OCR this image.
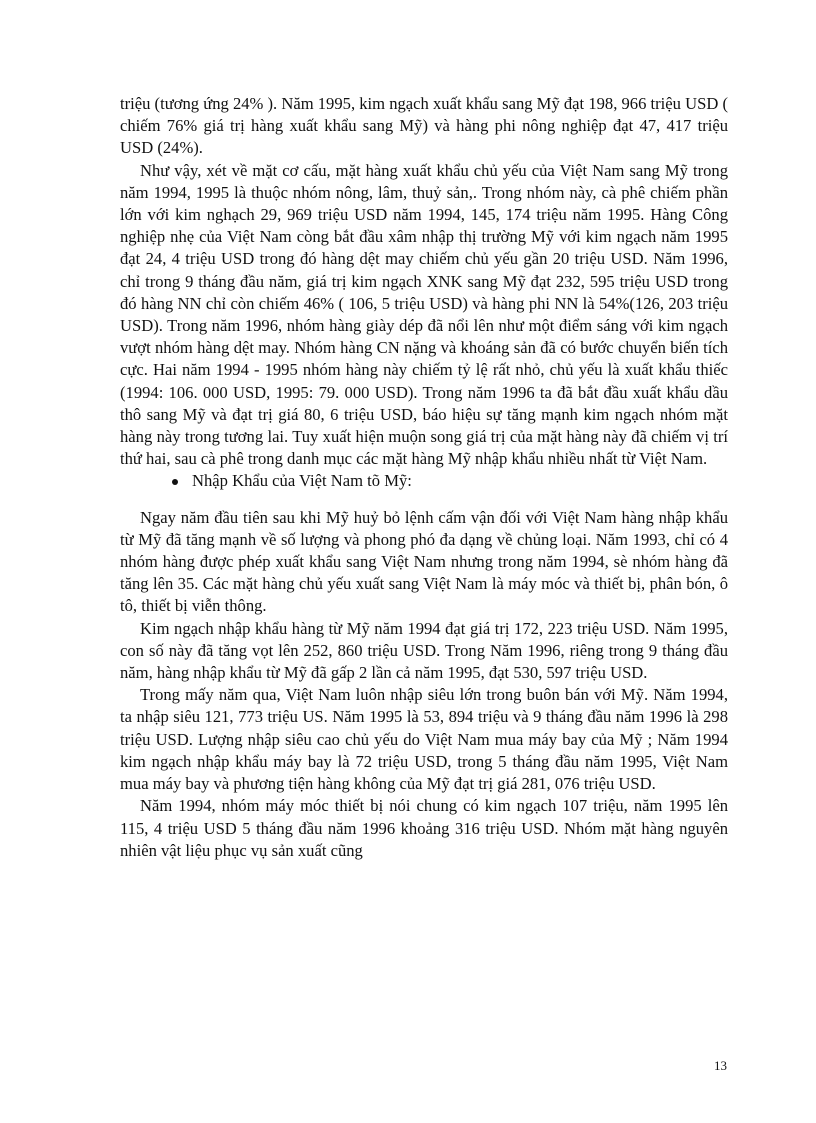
triệu (tương ứng 24% ). Năm 1995, kim ngạch xuất khẩu sang Mỹ đạt 198, 966 triệu USD ( chiếm 76% giá trị hàng xuất khẩu sang Mỹ) và hàng phi nông nghiệp đạt 47, 417 triệu USD (24%).

Như vậy, xét về mặt cơ cấu, mặt hàng xuất khẩu chủ yếu của Việt Nam sang Mỹ trong năm 1994, 1995 là thuộc nhóm nông, lâm, thuỷ sản,. Trong nhóm này, cà phê chiếm phần lớn với kim nghạch 29, 969 triệu USD năm 1994, 145, 174 triệu năm 1995. Hàng Công nghiệp nhẹ của Việt Nam còng bắt đầu xâm nhập thị trường Mỹ với kim ngạch năm 1995 đạt 24, 4 triệu USD trong đó hàng dệt may chiếm chủ yếu gần 20 triệu USD. Năm 1996, chỉ trong 9 tháng đầu năm, giá trị kim ngạch XNK sang Mỹ đạt 232, 595 triệu USD trong đó hàng NN chỉ còn chiếm 46% ( 106, 5 triệu USD) và hàng phi NN là 54%(126, 203 triệu USD). Trong năm 1996, nhóm hàng giày dép đã nổi lên như một điểm sáng với kim ngạch vượt nhóm hàng dệt may. Nhóm hàng CN nặng và khoáng sản đã có bước chuyển biến tích cực. Hai năm 1994 - 1995 nhóm hàng này chiếm tỷ lệ rất nhỏ, chủ yếu là xuất khẩu thiếc (1994: 106. 000 USD, 1995: 79. 000 USD). Trong năm 1996 ta đã bắt đầu xuất khẩu dầu thô sang Mỹ và đạt trị giá 80, 6 triệu USD, báo hiệu sự tăng mạnh kim ngạch nhóm mặt hàng này trong tương lai. Tuy xuất hiện muộn song giá trị của mặt hàng này đã chiếm vị trí thứ hai, sau cà phê trong danh mục các mặt hàng Mỹ nhập khẩu nhiều nhất từ Việt Nam.

Nhập Khẩu của Việt Nam tõ Mỹ:

Ngay năm đầu tiên sau khi Mỹ huỷ bỏ lệnh cấm vận đối với Việt Nam hàng nhập khẩu từ Mỹ đã tăng mạnh về số lượng và phong phó đa dạng về chủng loại. Năm 1993, chỉ có 4 nhóm hàng được phép xuất khẩu sang Việt Nam nhưng trong năm 1994, sè nhóm hàng đã tăng lên 35. Các mặt hàng chủ yếu xuất sang Việt Nam là máy móc và thiết bị, phân bón, ô tô, thiết bị viễn thông.

Kim ngạch nhập khẩu hàng từ Mỹ năm 1994 đạt giá trị 172, 223 triệu USD. Năm 1995, con số này đã tăng vọt lên 252, 860 triệu USD. Trong Năm 1996, riêng trong 9 tháng đầu năm, hàng nhập khẩu từ Mỹ đã gấp 2 lần cả năm 1995, đạt 530, 597 triệu USD.

Trong mấy năm qua, Việt Nam luôn nhập siêu lớn trong buôn bán với Mỹ. Năm 1994, ta nhập siêu 121, 773 triệu US. Năm 1995 là 53, 894 triệu và 9 tháng đầu năm 1996 là 298 triệu USD. Lượng nhập siêu cao chủ yếu do Việt Nam mua máy bay của Mỹ ; Năm 1994 kim ngạch nhập khẩu máy bay là 72 triệu USD, trong 5 tháng đầu năm 1995, Việt Nam mua máy bay và phương tiện hàng không của Mỹ đạt trị giá 281, 076 triệu USD.

Năm 1994, nhóm máy móc thiết bị nói chung có kim ngạch 107 triệu, năm 1995 lên 115, 4 triệu USD 5 tháng đầu năm 1996 khoảng 316 triệu USD. Nhóm mặt hàng nguyên nhiên vật liệu phục vụ sản xuất cũng

13
